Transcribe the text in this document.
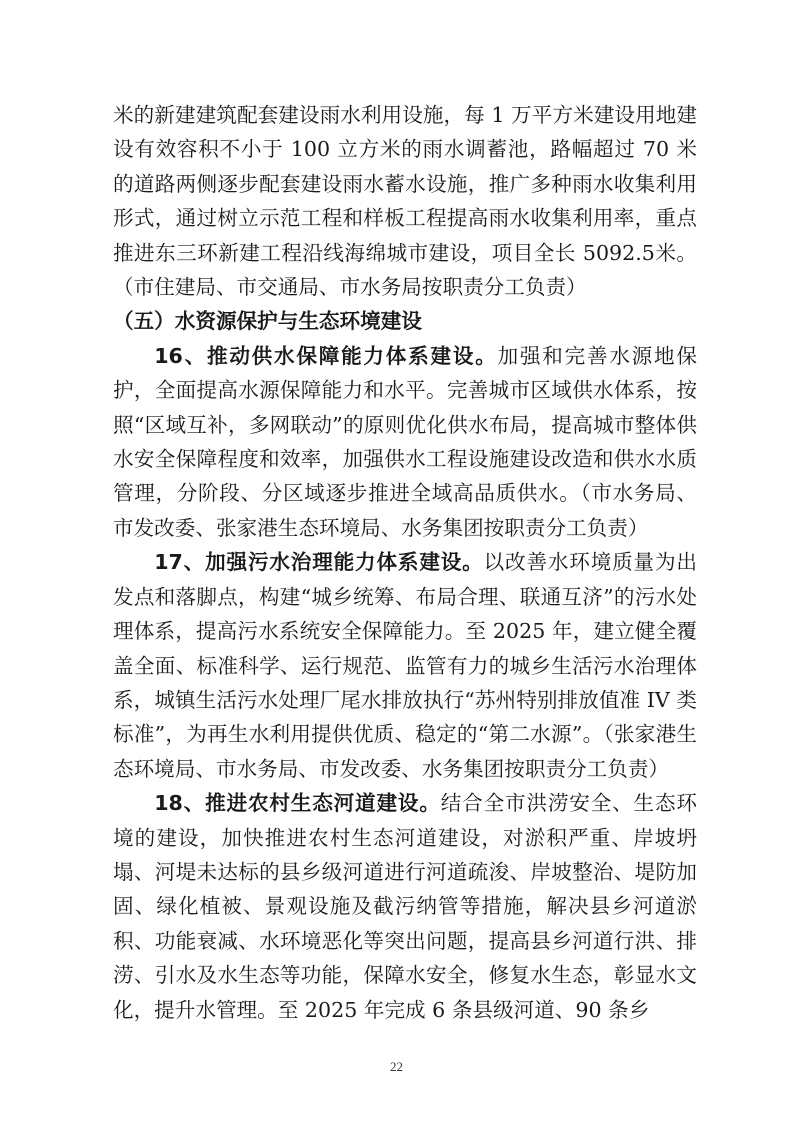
米的新建建筑配套建设雨水利用设施，每 1 万平方米建设用地建设有效容积不小于 100 立方米的雨水调蓄池，路幅超过 70 米的道路两侧逐步配套建设雨水蓄水设施，推广多种雨水收集利用形式，通过树立示范工程和样板工程提高雨水收集利用率，重点推进东三环新建工程沿线海绵城市建设，项目全长 5092.5米。（市住建局、市交通局、市水务局按职责分工负责）

（五）水资源保护与生态环境建设

16、推动供水保障能力体系建设。加强和完善水源地保护，全面提高水源保障能力和水平。完善城市区域供水体系，按照“区域互补，多网联动”的原则优化供水布局，提高城市整体供水安全保障程度和效率，加强供水工程设施建设改造和供水水质管理，分阶段、分区域逐步推进全域高品质供水。（市水务局、市发改委、张家港生态环境局、水务集团按职责分工负责）

17、加强污水治理能力体系建设。以改善水环境质量为出发点和落脚点，构建“城乡统筹、布局合理、联通互济”的污水处理体系，提高污水系统安全保障能力。至 2025 年，建立健全覆盖全面、标准科学、运行规范、监管有力的城乡生活污水治理体系，城镇生活污水处理厂尾水排放执行“苏州特别排放值准 IV 类标准”，为再生水利用提供优质、稳定的“第二水源”。（张家港生态环境局、市水务局、市发改委、水务集团按职责分工负责）

18、推进农村生态河道建设。结合全市洪涝安全、生态环境的建设，加快推进农村生态河道建设，对淤积严重、岸坡坍塌、河堤未达标的县乡级河道进行河道疏浚、岸坡整治、堤防加固、绿化植被、景观设施及截污纳管等措施，解决县乡河道淤积、功能衰减、水环境恶化等突出问题，提高县乡河道行洪、排涝、引水及水生态等功能，保障水安全，修复水生态，彰显水文化，提升水管理。至 2025 年完成 6 条县级河道、90 条乡

22
